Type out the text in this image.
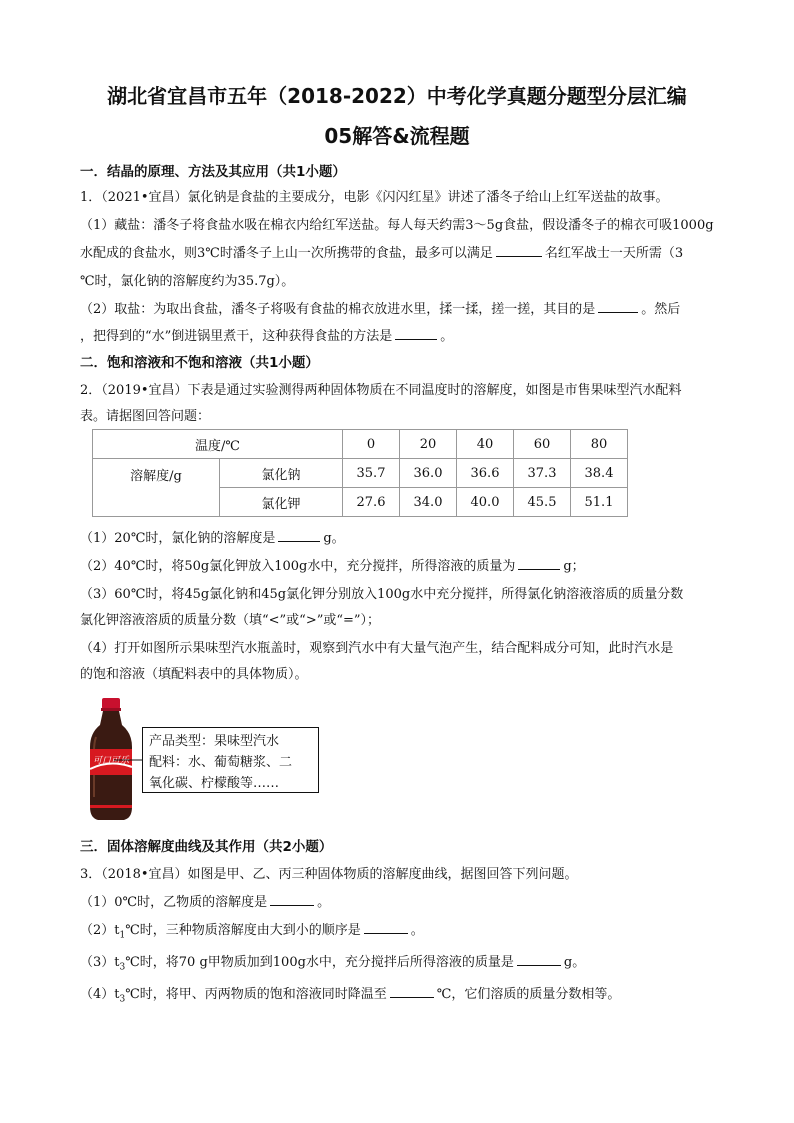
湖北省宜昌市五年（2018-2022）中考化学真题分题型分层汇编
05解答&流程题
一．结晶的原理、方法及其应用（共1小题）
1．（2021•宜昌）氯化钠是食盐的主要成分，电影《闪闪红星》讲述了潘冬子给山上红军送盐的故事。
（1）藏盐：潘冬子将食盐水吸在棉衣内给红军送盐。每人每天约需3～5g食盐，假设潘冬子的棉衣可吸1000g
水配成的食盐水，则3℃时潘冬子上山一次所携带的食盐，最多可以满足	名红军战士一天所需（3
℃时，氯化钠的溶解度约为35.7g）。
（2）取盐：为取出食盐，潘冬子将吸有食盐的棉衣放进水里，揉一揉，搓一搓，其目的是	。然后
，把得到的“水”倒进锅里煮干，这种获得食盐的方法是	。
二．饱和溶液和不饱和溶液（共1小题）
2．（2019•宜昌）下表是通过实验测得两种固体物质在不同温度时的溶解度，如图是市售果味型汽水配料
表。请据图回答问题：
温度/℃		0	20	40	60	80
溶解度/g	氯化钠	35.7	36.0	36.6	37.3	38.4
	氯化钾	27.6	34.0	40.0	45.5	51.1
（1）20℃时，氯化钠的溶解度是	g。
（2）40℃时，将50g氯化钾放入100g水中，充分搅拌，所得溶液的质量为	g；
（3）60℃时，将45g氯化钠和45g氯化钾分别放入100g水中充分搅拌，所得氯化钠溶液溶质的质量分数
氯化钾溶液溶质的质量分数（填“<”或“>”或“=”）；
（4）打开如图所示果味型汽水瓶盖时，观察到汽水中有大量气泡产生，结合配料成分可知，此时汽水是
的饱和溶液（填配料表中的具体物质）。
可口可乐
产品类型：果味型汽水
配料：水、葡萄糖浆、二
氧化碳、柠檬酸等……
三．固体溶解度曲线及其作用（共2小题）
3．（2018•宜昌）如图是甲、乙、丙三种固体物质的溶解度曲线，据图回答下列问题。
（1）0℃时，乙物质的溶解度是	。
$(2)t_1℃$时，三种物质溶解度由大到小的顺序是	。
$(3)t_3℃$时，将70 g甲物质加到100g水中，充分搅拌后所得溶液的质量是	g。
$(4)t_3℃$时，将甲、丙两物质的饱和溶液同时降温至	℃，它们溶质的质量分数相等。
